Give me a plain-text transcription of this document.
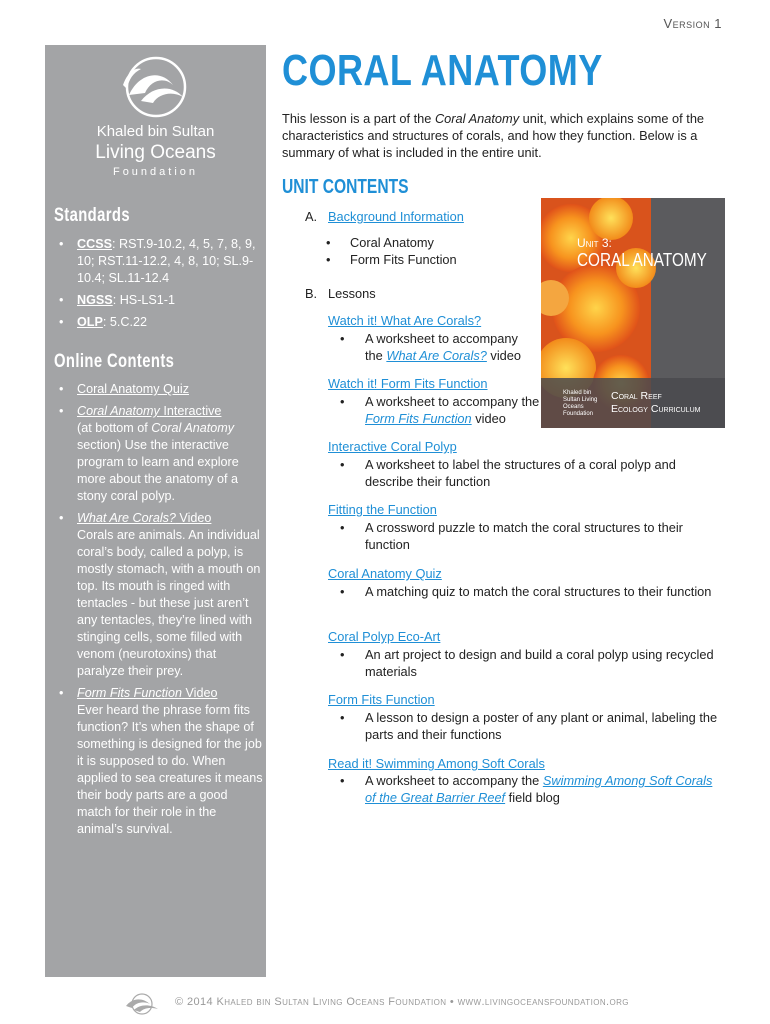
Version 1
Khaled bin Sultan
Living Oceans
Foundation
Standards
• CCSS: RST.9-10.2, 4, 5, 7, 8, 9, 10; RST.11-12.2, 4, 8, 10; SL.9-10.4; SL.11-12.4
• NGSS: HS-LS1-1
• OLP: 5.C.22
Online Contents
• Coral Anatomy Quiz
• Coral Anatomy Interactive
(at bottom of Coral Anatomy section) Use the interactive program to learn and explore more about the anatomy of a stony coral polyp.
• What Are Corals? Video
Corals are animals. An individual coral’s body, called a polyp, is mostly stomach, with a mouth on top. Its mouth is ringed with tentacles - but these just aren’t any tentacles, they’re lined with stinging cells, some filled with venom (neurotoxins) that paralyze their prey.
• Form Fits Function Video
Ever heard the phrase form fits function? It’s when the shape of something is designed for the job it is supposed to do. When applied to sea creatures it means their body parts are a good match for their role in the animal’s survival.
CORAL ANATOMY
This lesson is a part of the Coral Anatomy unit, which explains some of the characteristics and structures of corals, and how they function. Below is a summary of what is included in the entire unit.
UNIT CONTENTS
A. Background Information
• Coral Anatomy
• Form Fits Function
B. Lessons
Watch it! What Are Corals?
• A worksheet to accompany the What Are Corals? video
Watch it! Form Fits Function
• A worksheet to accompany the Form Fits Function video
Interactive Coral Polyp
• A worksheet to label the structures of a coral polyp and describe their function
Fitting the Function
• A crossword puzzle to match the coral structures to their function
Coral Anatomy Quiz
• A matching quiz to match the coral structures to their function
Coral Polyp Eco-Art
• An art project to design and build a coral polyp using recycled materials
Form Fits Function
• A lesson to design a poster of any plant or animal, labeling the parts and their functions
Read it! Swimming Among Soft Corals
• A worksheet to accompany the Swimming Among Soft Corals of the Great Barrier Reef field blog
Unit 3:
CORAL ANATOMY
Khaled bin Sultan Living Oceans Foundation
Coral Reef
Ecology Curriculum
© 2014 Khaled bin Sultan Living Oceans Foundation • www.livingoceansfoundation.org
